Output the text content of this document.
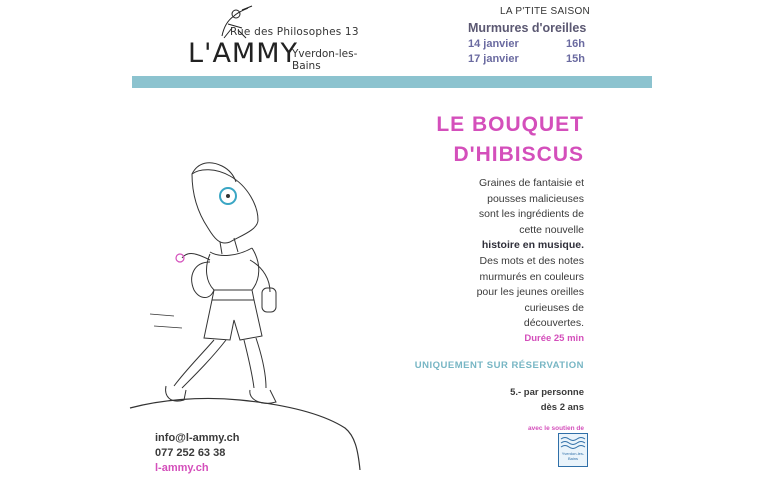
Rue des Philosophes 13
L'AMMY
Yverdon-les-Bains
LA P'TITE SAISON
Murmures d'oreilles
14 janvier	16h
17 janvier	15h
LE BOUQUET
D'HIBISCUS
Graines de fantaisie et
pousses malicieuses
sont les ingrédients de
cette nouvelle
histoire en musique.
Des mots et des notes
murmurés en couleurs
pour les jeunes oreilles
curieuses de
découvertes.
Durée 25 min
UNIQUEMENT SUR RÉSERVATION
5.- par personne
dès 2 ans
avec le soutien de
Yverdon-les-Bains
info@l-ammy.ch
077 252 63 38
l-ammy.ch
